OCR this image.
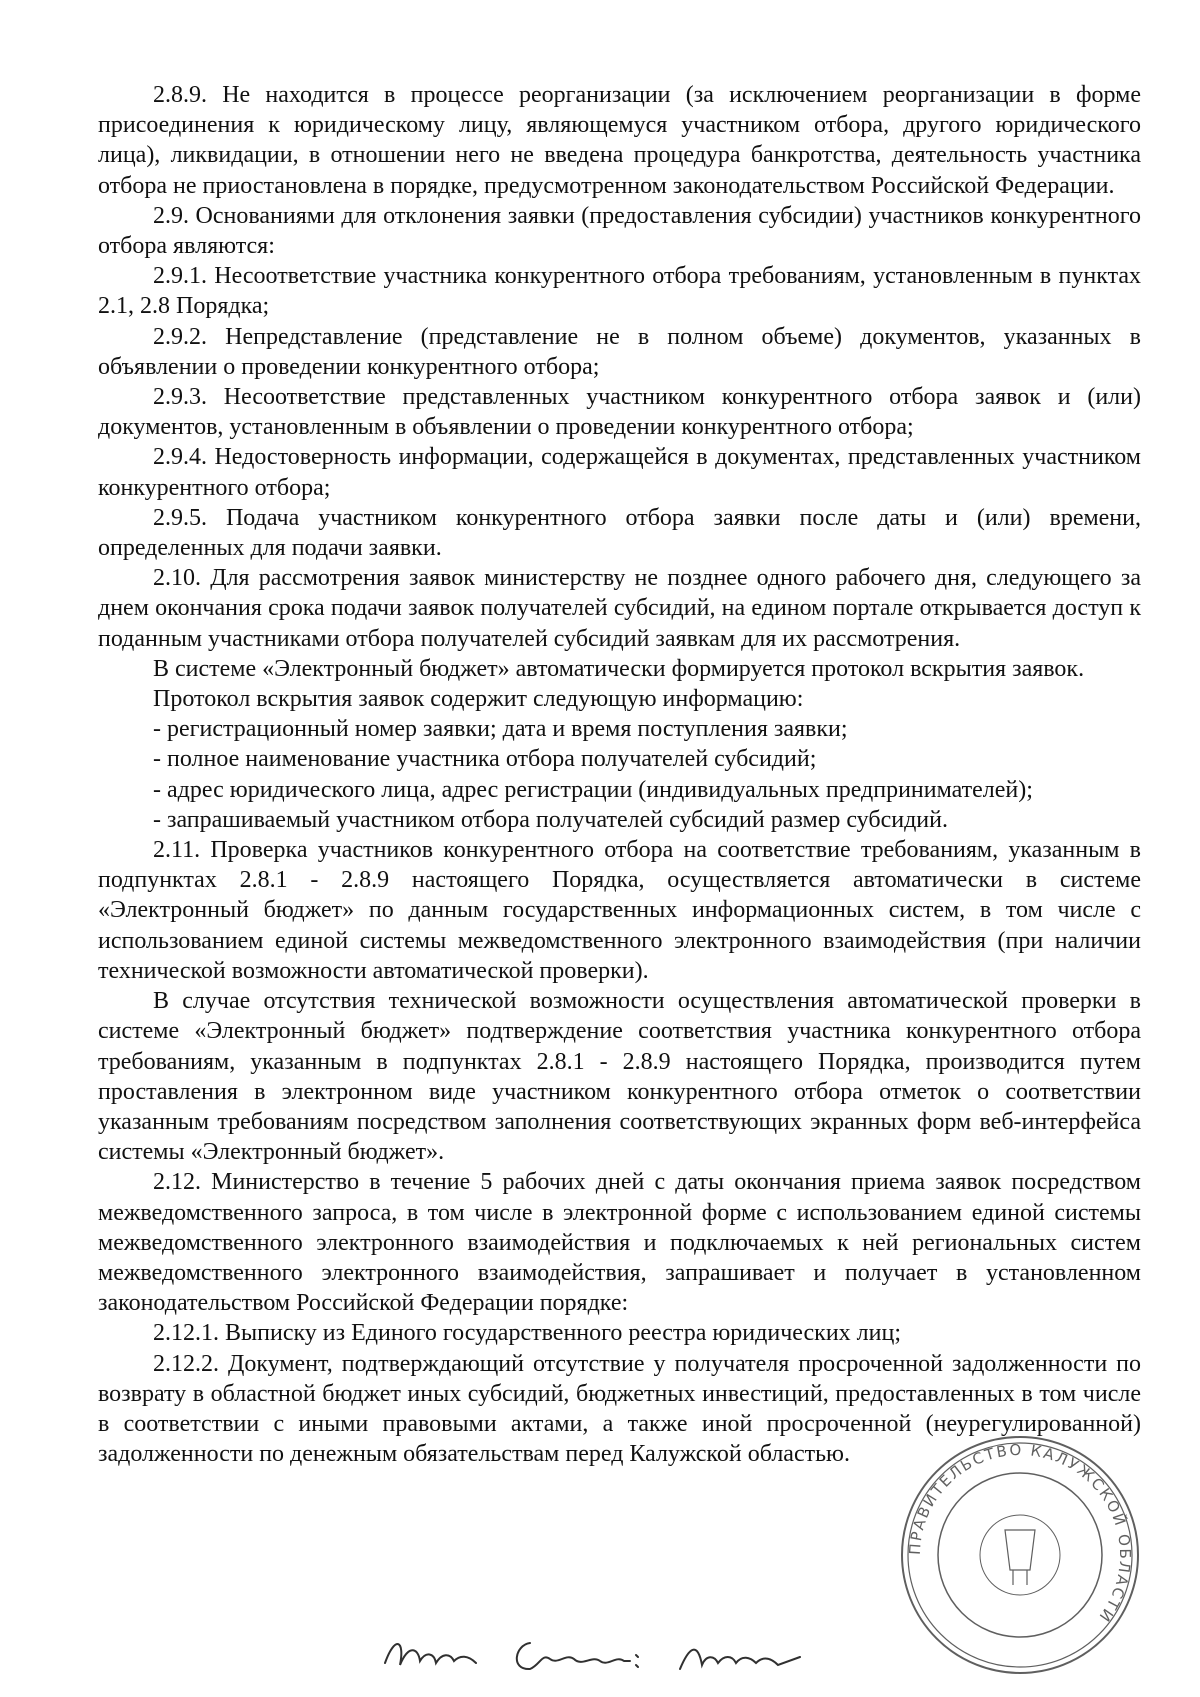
2.8.9. Не находится в процессе реорганизации (за исключением реорганизации в форме присоединения к юридическому лицу, являющемуся участником отбора, другого юридического лица), ликвидации, в отношении него не введена процедура банкротства, деятельность участника отбора не приостановлена в порядке, предусмотренном законодательством Российской Федерации.

2.9. Основаниями для отклонения заявки (предоставления субсидии) участников конкурентного отбора являются:

2.9.1. Несоответствие участника конкурентного отбора требованиям, установленным в пунктах 2.1, 2.8 Порядка;

2.9.2. Непредставление (представление не в полном объеме) документов, указанных в объявлении о проведении конкурентного отбора;

2.9.3. Несоответствие представленных участником конкурентного отбора заявок и (или) документов, установленным в объявлении о проведении конкурентного отбора;

2.9.4. Недостоверность информации, содержащейся в документах, представленных участником конкурентного отбора;

2.9.5. Подача участником конкурентного отбора заявки после даты и (или) времени, определенных для подачи заявки.

2.10. Для рассмотрения заявок министерству не позднее одного рабочего дня, следующего за днем окончания срока подачи заявок получателей субсидий, на едином портале открывается доступ к поданным участниками отбора получателей субсидий заявкам для их рассмотрения.

В системе «Электронный бюджет» автоматически формируется протокол вскрытия заявок.

Протокол вскрытия заявок содержит следующую информацию:

- регистрационный номер заявки; дата и время поступления заявки;

- полное наименование участника отбора получателей субсидий;

- адрес юридического лица, адрес регистрации (индивидуальных предпринимателей);

- запрашиваемый участником отбора получателей субсидий размер субсидий.

2.11. Проверка участников конкурентного отбора на соответствие требованиям, указанным в подпунктах 2.8.1 - 2.8.9 настоящего Порядка, осуществляется автоматически в системе «Электронный бюджет» по данным государственных информационных систем, в том числе с использованием единой системы межведомственного электронного взаимодействия (при наличии технической возможности автоматической проверки).

В случае отсутствия технической возможности осуществления автоматической проверки в системе «Электронный бюджет» подтверждение соответствия участника конкурентного отбора требованиям, указанным в подпунктах 2.8.1 - 2.8.9 настоящего Порядка, производится путем проставления в электронном виде участником конкурентного отбора отметок о соответствии указанным требованиям посредством заполнения соответствующих экранных форм веб-интерфейса системы «Электронный бюджет».

2.12. Министерство в течение 5 рабочих дней с даты окончания приема заявок посредством межведомственного запроса, в том числе в электронной форме с использованием единой системы межведомственного электронного взаимодействия и подключаемых к ней региональных систем межведомственного электронного взаимодействия, запрашивает и получает в установленном законодательством Российской Федерации порядке:

2.12.1. Выписку из Единого государственного реестра юридических лиц;

2.12.2. Документ, подтверждающий отсутствие у получателя просроченной задолженности по возврату в областной бюджет иных субсидий, бюджетных инвестиций, предоставленных в том числе в соответствии с иными правовыми актами, а также иной просроченной (неурегулированной) задолженности по денежным обязательствам перед Калужской областью.

ПРАВИТЕЛЬСТВО КАЛУЖСКОЙ ОБЛАСТИ
